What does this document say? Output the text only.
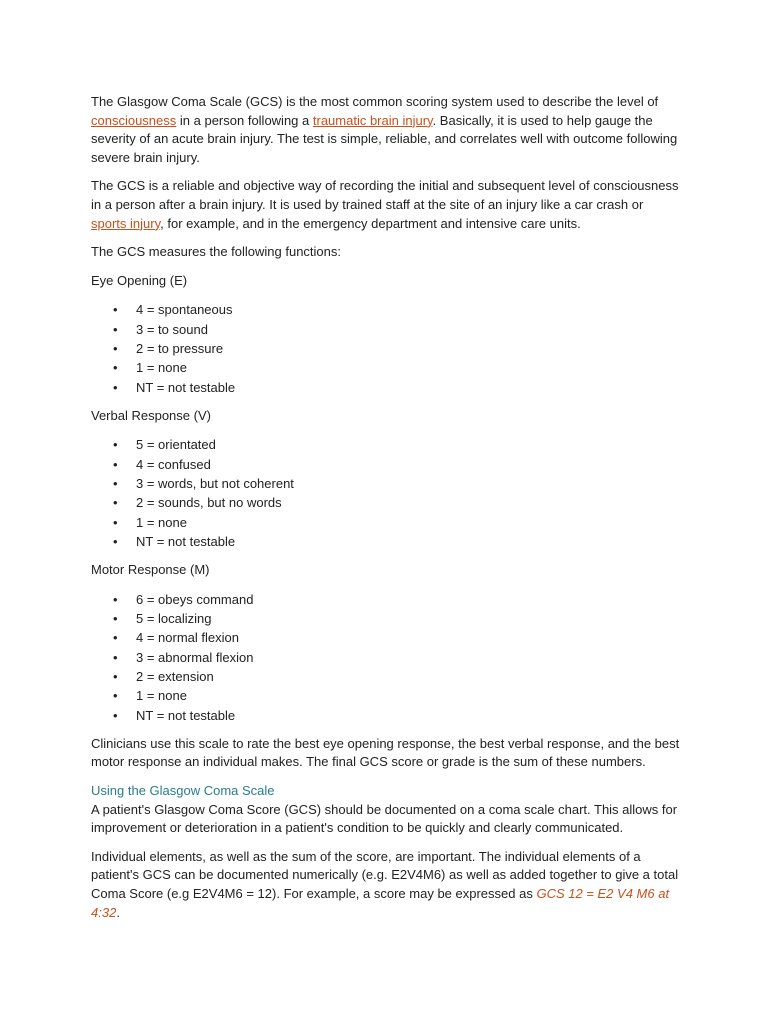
The Glasgow Coma Scale (GCS) is the most common scoring system used to describe the level of consciousness in a person following a traumatic brain injury. Basically, it is used to help gauge the severity of an acute brain injury. The test is simple, reliable, and correlates well with outcome following severe brain injury.

The GCS is a reliable and objective way of recording the initial and subsequent level of consciousness in a person after a brain injury. It is used by trained staff at the site of an injury like a car crash or sports injury, for example, and in the emergency department and intensive care units.

The GCS measures the following functions:

Eye Opening (E)

• 4 = spontaneous
• 3 = to sound
• 2 = to pressure
• 1 = none
• NT = not testable

Verbal Response (V)

• 5 = orientated
• 4 = confused
• 3 = words, but not coherent
• 2 = sounds, but no words
• 1 = none
• NT = not testable

Motor Response (M)

• 6 = obeys command
• 5 = localizing
• 4 = normal flexion
• 3 = abnormal flexion
• 2 = extension
• 1 = none
• NT = not testable

Clinicians use this scale to rate the best eye opening response, the best verbal response, and the best motor response an individual makes. The final GCS score or grade is the sum of these numbers.

Using the Glasgow Coma Scale

A patient's Glasgow Coma Score (GCS) should be documented on a coma scale chart. This allows for improvement or deterioration in a patient's condition to be quickly and clearly communicated.

Individual elements, as well as the sum of the score, are important. The individual elements of a patient's GCS can be documented numerically (e.g. E2V4M6) as well as added together to give a total Coma Score (e.g E2V4M6 = 12). For example, a score may be expressed as GCS 12 = E2 V4 M6 at 4:32.
